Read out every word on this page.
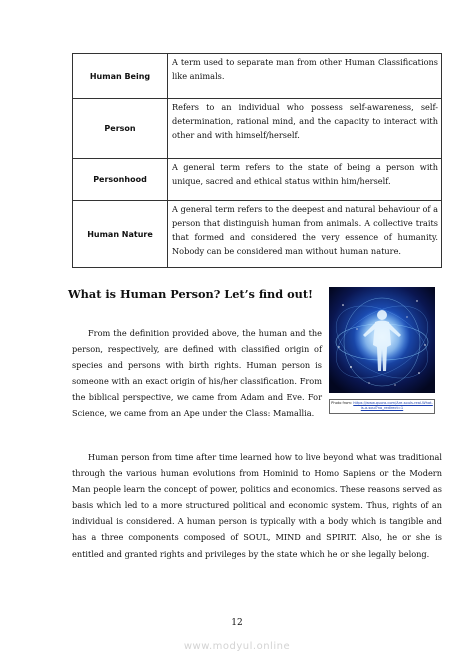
Human Being	A term used to separate man from other Human Classifications like animals.
Person	Refers to an individual who possess self-awareness, self-determination, rational mind, and the capacity to interact with other and with himself/herself.
Personhood	A general term refers to the state of being a person with unique, sacred and ethical status within him/herself.
Human Nature	A general term refers to the deepest and natural behaviour of a person that distinguish human from animals. A collective traits that formed and considered the very essence of humanity. Nobody can be considered man without human nature.
What is Human Person? Let’s find out!
From the definition provided above, the human and the person, respectively, are defined with classified origin of species and persons with birth rights. Human person is someone with an exact origin of his/her classification. From the biblical perspective, we came from Adam and Eve. For Science, we came from an Ape under the Class: Mamallia.
Photo from: https://www.quora.com/Are-souls-real-What-is-a-soul?no_redirect=1
Human person from time after time learned how to live beyond what was traditional through the various human evolutions from Hominid to Homo Sapiens or the Modern Man people learn the concept of power, politics and economics. These reasons served as basis which led to a more structured political and economic system. Thus, rights of an individual is considered. A human person is typically with a body which is tangible and has a three components composed of SOUL, MIND and SPIRIT. Also, he or she is entitled and granted rights and privileges by the state which he or she legally belong.
12
www.modyul.online
